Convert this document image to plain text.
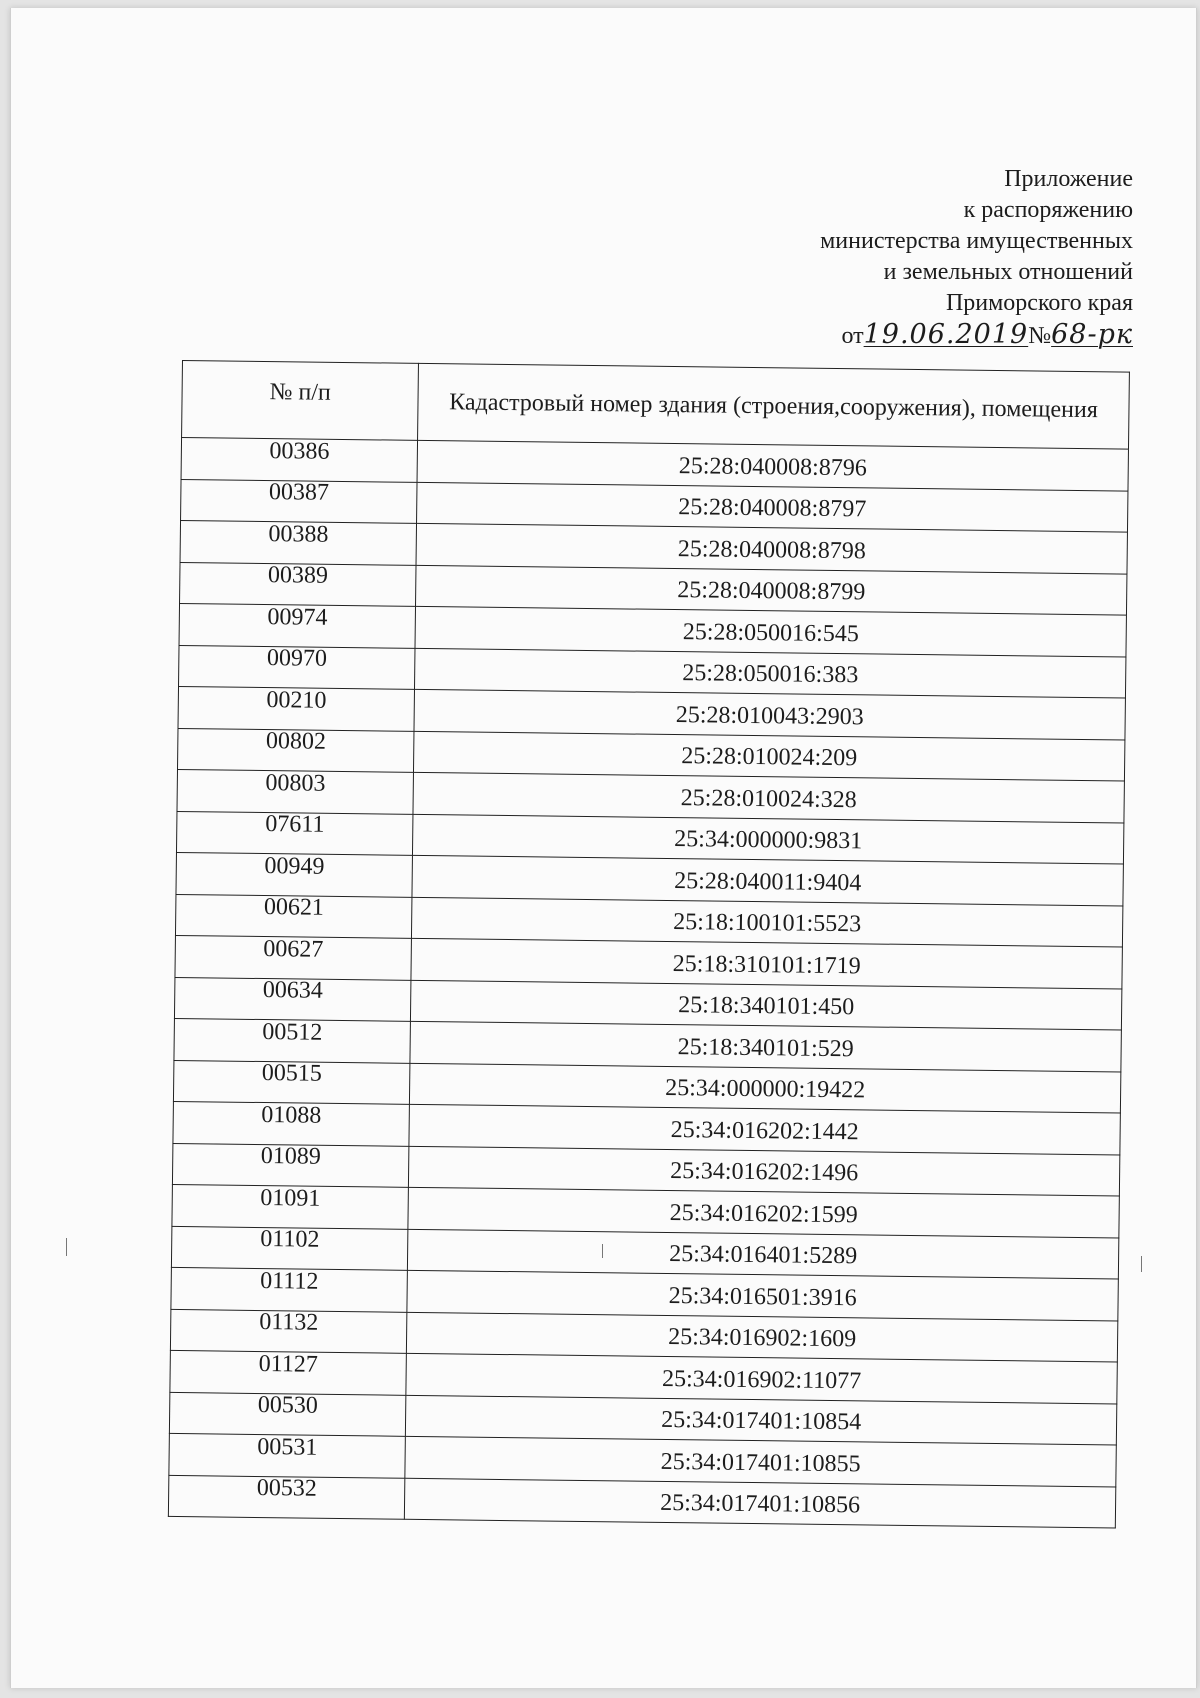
Приложение
к распоряжению
министерства имущественных
и земельных отношений
Приморского края
от19.06.2019№68-рк
№ п/п	Кадастровый номер здания (строения,сооружения), помещения
00386	25:28:040008:8796
00387	25:28:040008:8797
00388	25:28:040008:8798
00389	25:28:040008:8799
00974	25:28:050016:545
00970	25:28:050016:383
00210	25:28:010043:2903
00802	25:28:010024:209
00803	25:28:010024:328
07611	25:34:000000:9831
00949	25:28:040011:9404
00621	25:18:100101:5523
00627	25:18:310101:1719
00634	25:18:340101:450
00512	25:18:340101:529
00515	25:34:000000:19422
01088	25:34:016202:1442
01089	25:34:016202:1496
01091	25:34:016202:1599
01102	25:34:016401:5289
01112	25:34:016501:3916
01132	25:34:016902:1609
01127	25:34:016902:11077
00530	25:34:017401:10854
00531	25:34:017401:10855
00532	25:34:017401:10856
